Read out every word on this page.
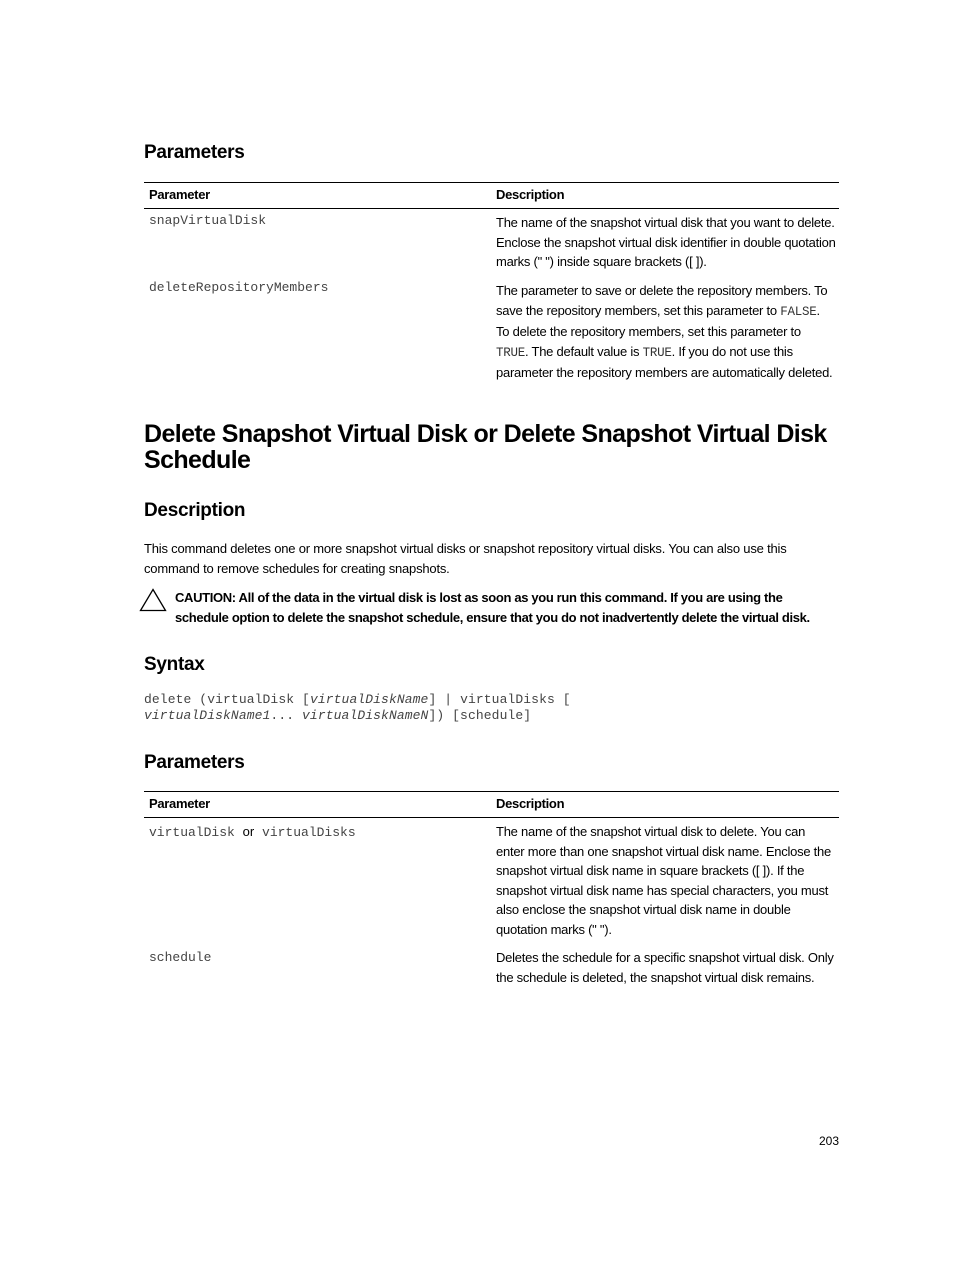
Parameters
Parameter	Description
snapVirtualDisk	The name of the snapshot virtual disk that you want to delete. Enclose the snapshot virtual disk identifier in double quotation marks (" ") inside square brackets ([ ]).
deleteRepositoryMembers	The parameter to save or delete the repository members. To save the repository members, set this parameter to FALSE. To delete the repository members, set this parameter to TRUE. The default value is TRUE. If you do not use this parameter the repository members are automatically deleted.
Delete Snapshot Virtual Disk or Delete Snapshot Virtual Disk
Schedule
Description
This command deletes one or more snapshot virtual disks or snapshot repository virtual disks. You can also use this command to remove schedules for creating snapshots.
CAUTION: All of the data in the virtual disk is lost as soon as you run this command. If you are using the schedule option to delete the snapshot schedule, ensure that you do not inadvertently delete the virtual disk.
Syntax
delete (virtualDisk [virtualDiskName] | virtualDisks [
virtualDiskName1... virtualDiskNameN]) [schedule]
Parameters
Parameter	Description
virtualDisk or virtualDisks	The name of the snapshot virtual disk to delete. You can enter more than one snapshot virtual disk name. Enclose the snapshot virtual disk name in square brackets ([ ]). If the snapshot virtual disk name has special characters, you must also enclose the snapshot virtual disk name in double quotation marks (" ").
schedule	Deletes the schedule for a specific snapshot virtual disk. Only the schedule is deleted, the snapshot virtual disk remains.
203
